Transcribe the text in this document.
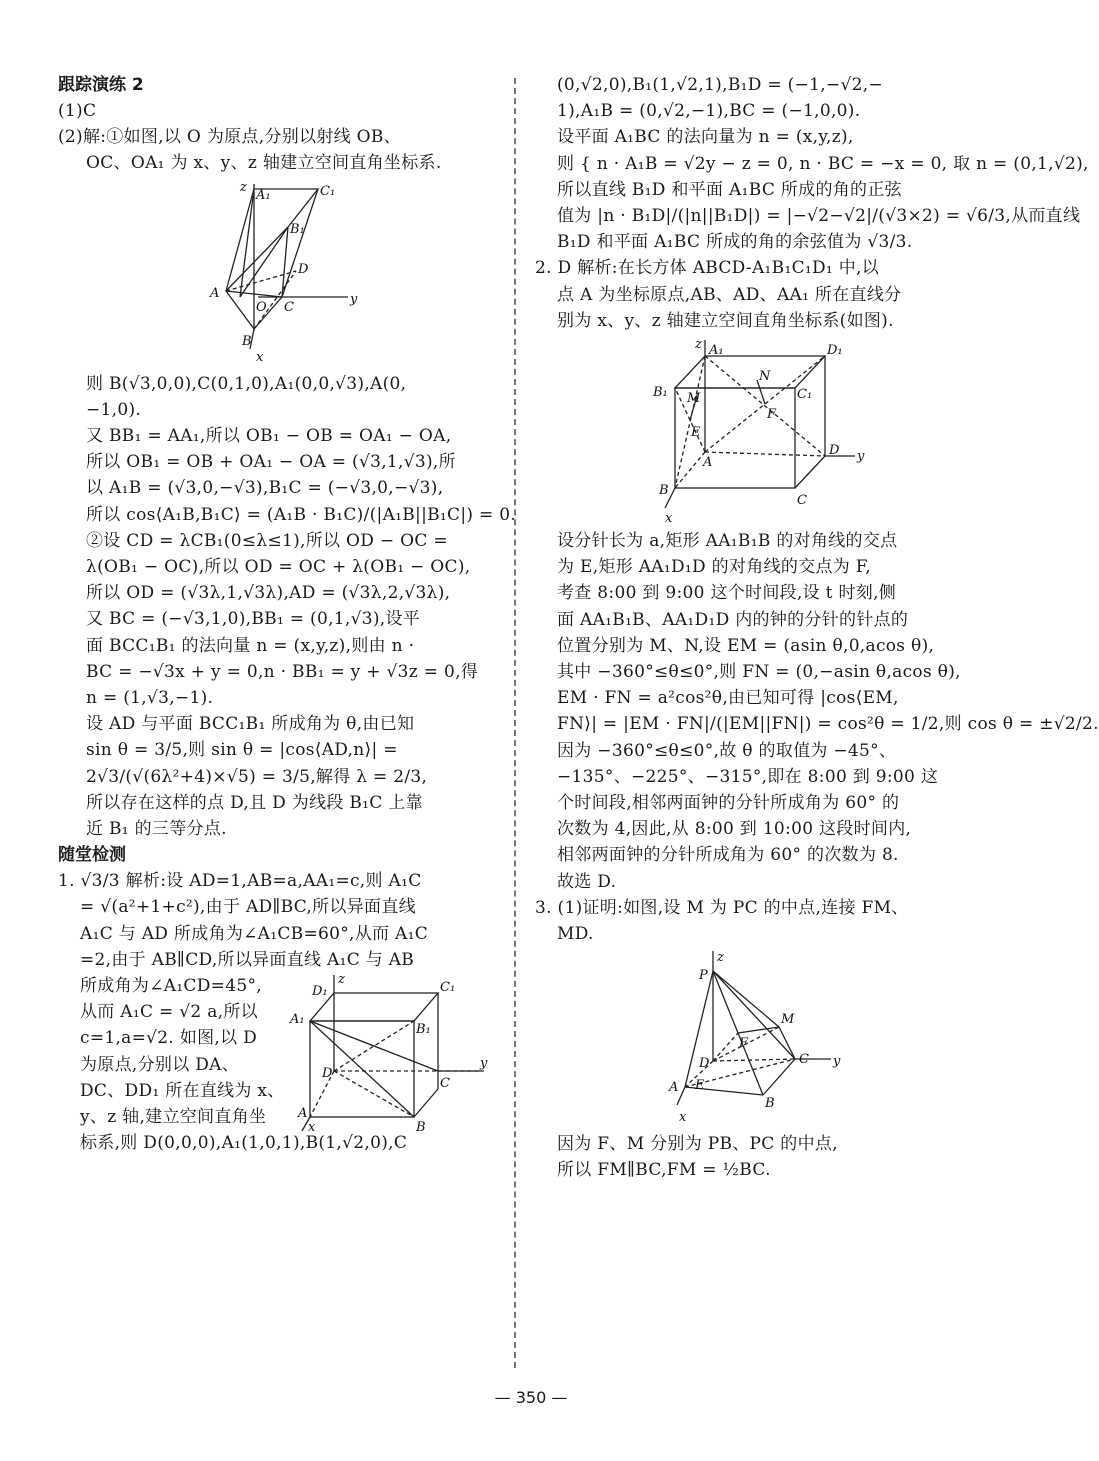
跟踪演练 2
(1)C
(2)解:①如图,以 O 为原点,分别以射线 OB、
OC、OA₁ 为 x、y、z 轴建立空间直角坐标系.
z
A₁	C₁
B₁
D
A
O C
y
B
x
则 B(√3,0,0),C(0,1,0),A₁(0,0,√3),A(0,
−1,0).
又 BB₁ = AA₁,所以 OB₁ − OB = OA₁ − OA,
所以 OB₁ = OB + OA₁ − OA = (√3,1,√3),所
以 A₁B = (√3,0,−√3),B₁C = (−√3,0,−√3),
所以 cos⟨A₁B,B₁C⟩ = (A₁B · B₁C)/(|A₁B||B₁C|) = 0.
②设 CD = λCB₁(0≤λ≤1),所以 OD − OC =
λ(OB₁ − OC),所以 OD = OC + λ(OB₁ − OC),
所以 OD = (√3λ,1,√3λ),AD = (√3λ,2,√3λ),
又 BC = (−√3,1,0),BB₁ = (0,1,√3),设平
面 BCC₁B₁ 的法向量 n = (x,y,z),则由 n ·
BC = −√3x + y = 0,n · BB₁ = y + √3z = 0,得
n = (1,√3,−1).
设 AD 与平面 BCC₁B₁ 所成角为 θ,由已知
sin θ = 3/5,则 sin θ = |cos⟨AD,n⟩| =
2√3/(√(6λ²+4)×√5) = 3/5,解得 λ = 2/3,
所以存在这样的点 D,且 D 为线段 B₁C 上靠
近 B₁ 的三等分点.
随堂检测
1. √3/3 解析:设 AD=1,AB=a,AA₁=c,则 A₁C
= √(a²+1+c²),由于 AD∥BC,所以异面直线
A₁C 与 AD 所成角为∠A₁CB=60°,从而 A₁C
=2,由于 AB∥CD,所以异面直线 A₁C 与 AB
所成角为∠A₁CD=45°,
从而 A₁C = √2 a,所以
c=1,a=√2. 如图,以 D
为原点,分别以 DA、
DC、DD₁ 所在直线为 x、
y、z 轴,建立空间直角坐
D₁
z
C₁
A₁
B₁
D
C
y
A
x	B
标系,则 D(0,0,0),A₁(1,0,1),B(1,√2,0),C
(0,√2,0),B₁(1,√2,1),B₁D = (−1,−√2,−
1),A₁B = (0,√2,−1),BC = (−1,0,0).
设平面 A₁BC 的法向量为 n = (x,y,z),
则 { n · A₁B = √2y − z = 0, n · BC = −x = 0, 取 n = (0,1,√2),
所以直线 B₁D 和平面 A₁BC 所成的角的正弦
值为 |n · B₁D|/(|n||B₁D|) = |−√2−√2|/(√3×2) = √6/3,从而直线
B₁D 和平面 A₁BC 所成的角的余弦值为 √3/3.
2. D 解析:在长方体 ABCD-A₁B₁C₁D₁ 中,以
点 A 为坐标原点,AB、AD、AA₁ 所在直线分
别为 x、y、z 轴建立空间直角坐标系(如图).
z A₁	D₁
N
B₁ M	C₁
F
E
A
D y
B
C
x
设分针长为 a,矩形 AA₁B₁B 的对角线的交点
为 E,矩形 AA₁D₁D 的对角线的交点为 F,
考查 8:00 到 9:00 这个时间段,设 t 时刻,侧
面 AA₁B₁B、AA₁D₁D 内的钟的分针的针点的
位置分别为 M、N,设 EM = (asin θ,0,acos θ),
其中 −360°≤θ≤0°,则 FN = (0,−asin θ,acos θ),
EM · FN = a²cos²θ,由已知可得 |cos⟨EM,
FN⟩| = |EM · FN|/(|EM||FN|) = cos²θ = 1/2,则 cos θ = ±√2/2.
因为 −360°≤θ≤0°,故 θ 的取值为 −45°、
−135°、−225°、−315°,即在 8:00 到 9:00 这
个时间段,相邻两面钟的分针所成角为 60° 的
次数为 4,因此,从 8:00 到 10:00 这段时间内,
相邻两面钟的分针所成角为 60° 的次数为 8.
故选 D.
3. (1)证明:如图,设 M 为 PC 的中点,连接 FM、
MD.
z
P
M
F
D	C y
A E
B
x
因为 F、M 分别为 PB、PC 的中点,
所以 FM∥BC,FM = ½BC.
— 350 —
